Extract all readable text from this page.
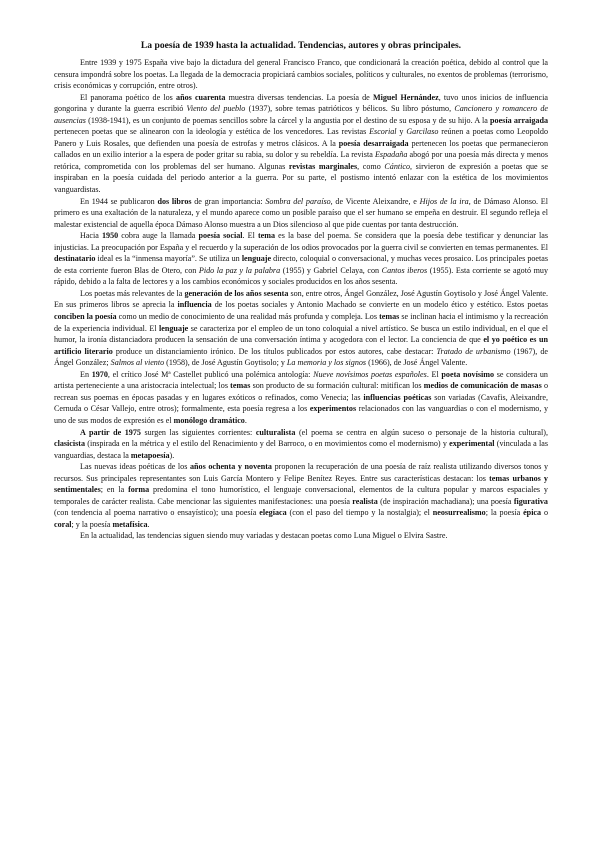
La poesía de 1939 hasta la actualidad. Tendencias, autores y obras principales.

Entre 1939 y 1975 España vive bajo la dictadura del general Francisco Franco, que condicionará la creación poética, debido al control que la censura impondrá sobre los poetas. La llegada de la democracia propiciará cambios sociales, políticos y culturales, no exentos de problemas (terrorismo, crisis económicas y corrupción, entre otros).

El panorama poético de los años cuarenta muestra diversas tendencias. La poesía de Miguel Hernández, tuvo unos inicios de influencia gongorina y durante la guerra escribió Viento del pueblo (1937), sobre temas patrióticos y bélicos. Su libro póstumo, Cancionero y romancero de ausencias (1938-1941), es un conjunto de poemas sencillos sobre la cárcel y la angustia por el destino de su esposa y de su hijo. A la poesía arraigada pertenecen poetas que se alinearon con la ideología y estética de los vencedores. Las revistas Escorial y Garcilaso reúnen a poetas como Leopoldo Panero y Luis Rosales, que defienden una poesía de estrofas y metros clásicos. A la poesía desarraigada pertenecen los poetas que permanecieron callados en un exilio interior a la espera de poder gritar su rabia, su dolor y su rebeldía. La revista Espadaña abogó por una poesía más directa y menos retórica, comprometida con los problemas del ser humano. Algunas revistas marginales, como Cántico, sirvieron de expresión a poetas que se inspiraban en la poesía cuidada del periodo anterior a la guerra. Por su parte, el postismo intentó enlazar con la estética de los movimientos vanguardistas.

En 1944 se publicaron dos libros de gran importancia: Sombra del paraíso, de Vicente Aleixandre, e Hijos de la ira, de Dámaso Alonso. El primero es una exaltación de la naturaleza, y el mundo aparece como un posible paraíso que el ser humano se empeña en destruir. El segundo refleja el malestar existencial de aquella época Dámaso Alonso muestra a un Dios silencioso al que pide cuentas por tanta destrucción.

Hacia 1950 cobra auge la llamada poesía social. El tema es la base del poema. Se considera que la poesía debe testificar y denunciar las injusticias. La preocupación por España y el recuerdo y la superación de los odios provocados por la guerra civil se convierten en temas permanentes. El destinatario ideal es la “inmensa mayoría”. Se utiliza un lenguaje directo, coloquial o conversacional, y muchas veces prosaico. Los principales poetas de esta corriente fueron Blas de Otero, con Pido la paz y la palabra (1955) y Gabriel Celaya, con Cantos iberos (1955). Esta corriente se agotó muy rápido, debido a la falta de lectores y a los cambios económicos y sociales producidos en los años sesenta.

Los poetas más relevantes de la generación de los años sesenta son, entre otros, Ángel González, José Agustín Goytisolo y José Ángel Valente. En sus primeros libros se aprecia la influencia de los poetas sociales y Antonio Machado se convierte en un modelo ético y estético. Estos poetas conciben la poesía como un medio de conocimiento de una realidad más profunda y compleja. Los temas se inclinan hacia el intimismo y la recreación de la experiencia individual. El lenguaje se caracteriza por el empleo de un tono coloquial a nivel artístico. Se busca un estilo individual, en el que el humor, la ironía distanciadora producen la sensación de una conversación íntima y acogedora con el lector. La conciencia de que el yo poético es un artificio literario produce un distanciamiento irónico. De los títulos publicados por estos autores, cabe destacar: Tratado de urbanismo (1967), de Ángel González; Salmos al viento (1958), de José Agustín Goytisolo; y La memoria y los signos (1966), de José Ángel Valente.

En 1970, el crítico José Mª Castellet publicó una polémica antología: Nueve novísimos poetas españoles. El poeta novísimo se considera un artista perteneciente a una aristocracia intelectual; los temas son producto de su formación cultural: mitifican los medios de comunicación de masas o recrean sus poemas en épocas pasadas y en lugares exóticos o refinados, como Venecia; las influencias poéticas son variadas (Cavafis, Aleixandre, Cernuda o César Vallejo, entre otros); formalmente, esta poesía regresa a los experimentos relacionados con las vanguardias o con el modernismo, y uno de sus modos de expresión es el monólogo dramático.

A partir de 1975 surgen las siguientes corrientes: culturalista (el poema se centra en algún suceso o personaje de la historia cultural), clasicista (inspirada en la métrica y el estilo del Renacimiento y del Barroco, o en movimientos como el modernismo) y experimental (vinculada a las vanguardias, destaca la metapoesía).

Las nuevas ideas poéticas de los años ochenta y noventa proponen la recuperación de una poesía de raíz realista utilizando diversos tonos y recursos. Sus principales representantes son Luis García Montero y Felipe Benítez Reyes. Entre sus características destacan: los temas urbanos y sentimentales; en la forma predomina el tono humorístico, el lenguaje conversacional, elementos de la cultura popular y marcos espaciales y temporales de carácter realista. Cabe mencionar las siguientes manifestaciones: una poesía realista (de inspiración machadiana); una poesía figurativa (con tendencia al poema narrativo o ensayístico); una poesía elegíaca (con el paso del tiempo y la nostalgia); el neosurrealismo; la poesía épica o coral; y la poesía metafísica.

En la actualidad, las tendencias siguen siendo muy variadas y destacan poetas como Luna Miguel o Elvira Sastre.
